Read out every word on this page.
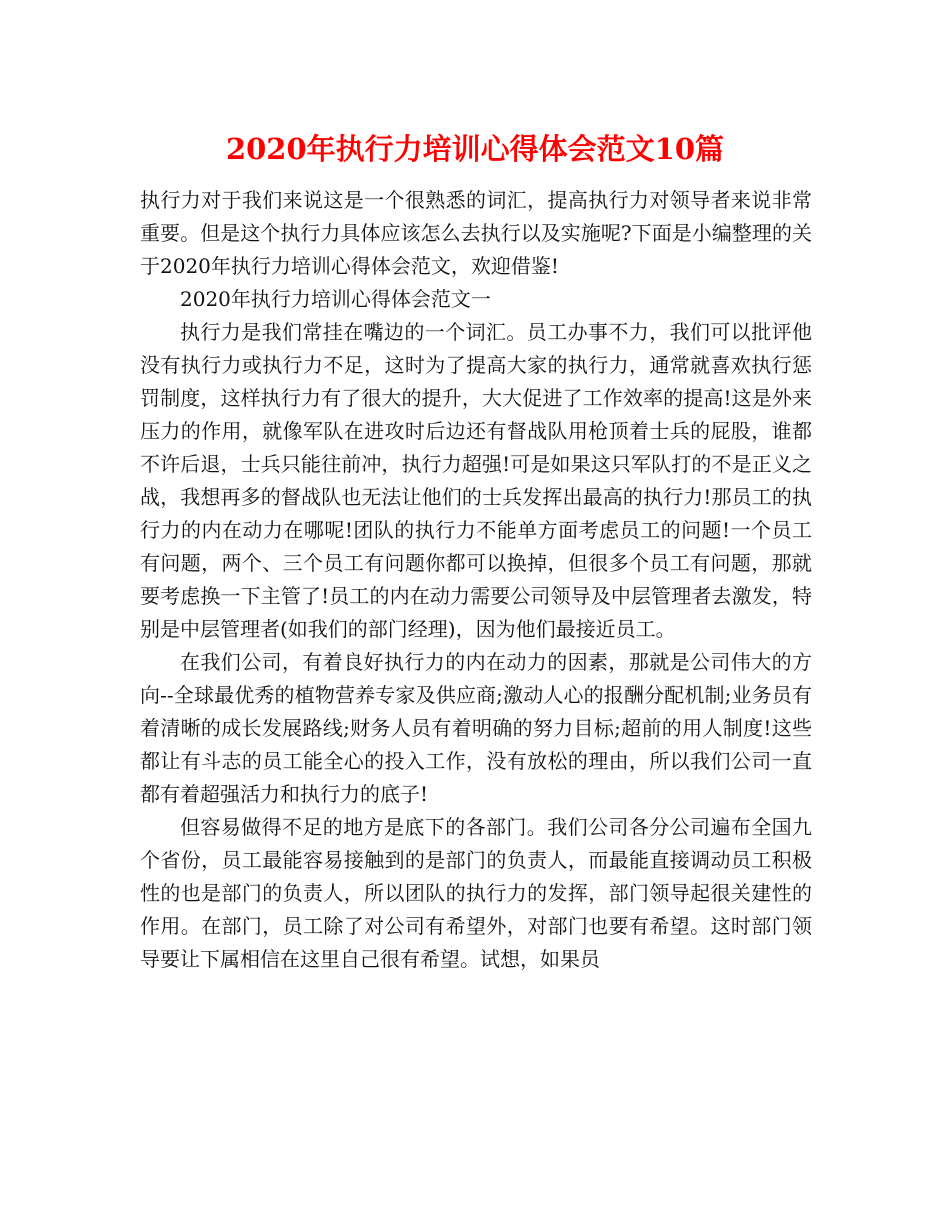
2020年执行力培训心得体会范文10篇

执行力对于我们来说这是一个很熟悉的词汇，提高执行力对领导者来说非常重要。但是这个执行力具体应该怎么去执行以及实施呢?下面是小编整理的关于2020年执行力培训心得体会范文，欢迎借鉴!

2020年执行力培训心得体会范文一

执行力是我们常挂在嘴边的一个词汇。员工办事不力，我们可以批评他没有执行力或执行力不足，这时为了提高大家的执行力，通常就喜欢执行惩罚制度，这样执行力有了很大的提升，大大促进了工作效率的提高!这是外来压力的作用，就像军队在进攻时后边还有督战队用枪顶着士兵的屁股，谁都不许后退，士兵只能往前冲，执行力超强!可是如果这只军队打的不是正义之战，我想再多的督战队也无法让他们的士兵发挥出最高的执行力!那员工的执行力的内在动力在哪呢!团队的执行力不能单方面考虑员工的问题!一个员工有问题，两个、三个员工有问题你都可以换掉，但很多个员工有问题，那就要考虑换一下主管了!员工的内在动力需要公司领导及中层管理者去激发，特别是中层管理者(如我们的部门经理)，因为他们最接近员工。

在我们公司，有着良好执行力的内在动力的因素，那就是公司伟大的方向--全球最优秀的植物营养专家及供应商;激动人心的报酬分配机制;业务员有着清晰的成长发展路线;财务人员有着明确的努力目标;超前的用人制度!这些都让有斗志的员工能全心的投入工作，没有放松的理由，所以我们公司一直都有着超强活力和执行力的底子!

但容易做得不足的地方是底下的各部门。我们公司各分公司遍布全国九个省份，员工最能容易接触到的是部门的负责人，而最能直接调动员工积极性的也是部门的负责人，所以团队的执行力的发挥，部门领导起很关建性的作用。在部门，员工除了对公司有希望外，对部门也要有希望。这时部门领导要让下属相信在这里自己很有希望。试想，如果员
